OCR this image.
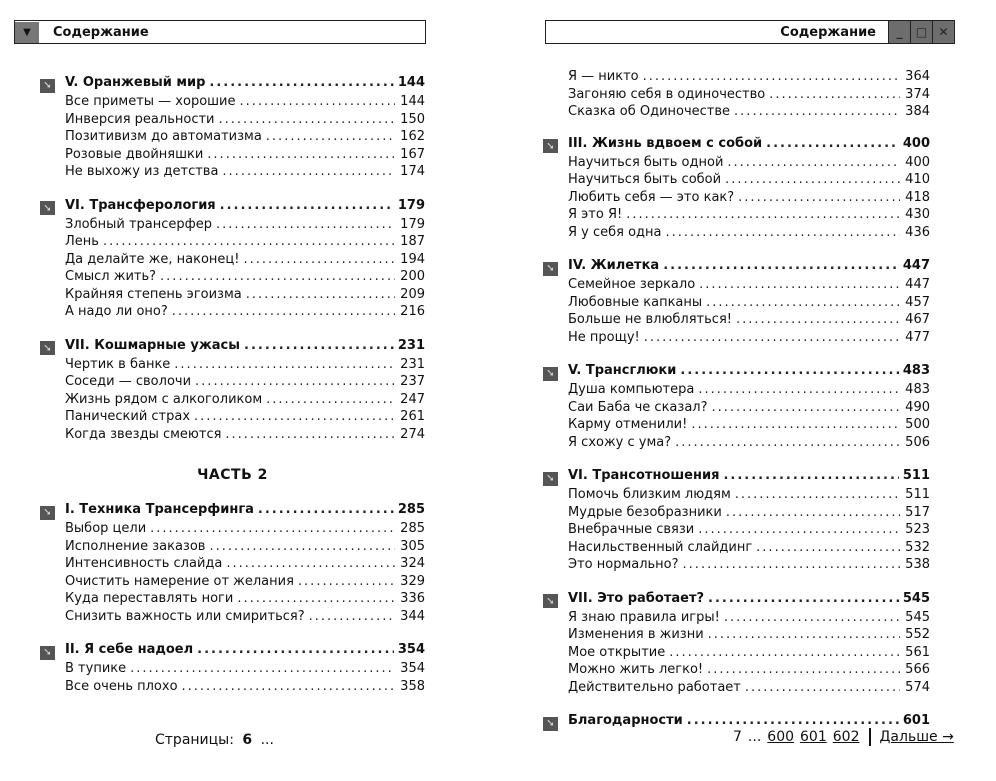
▼	Содержание
➘ V. Оранжевый мир .....	144
Все приметы — хорошие .....	144
Инверсия реальности .....	150
Позитивизм до автоматизма .....	162
Розовые двойняшки .....	167
Не выхожу из детства .....	174
➘ VI. Трансферология .....	179
Злобный трансерфер .....	179
Лень .....	187
Да делайте же, наконец! .....	194
Смысл жить? .....	200
Крайняя степень эгоизма .....	209
А надо ли оно? .....	216
➘ VII. Кошмарные ужасы .....	231
Чертик в банке .....	231
Соседи — сволочи .....	237
Жизнь рядом с алкоголиком .....	247
Панический страх .....	261
Когда звезды смеются .....	274
ЧАСТЬ 2
➘ I. Техника Трансерфинга .....	285
Выбор цели .....	285
Исполнение заказов .....	305
Интенсивность слайда .....	324
Очистить намерение от желания .....	329
Куда переставлять ноги .....	336
Снизить важность или смириться? .....	344
➘ II. Я себе надоел .....	354
В тупике .....	354
Все очень плохо .....	358
Страницы: 6 ...
Содержание	_	□ ✕
Я — никто .....	364
Загоняю себя в одиночество .....	374
Сказка об Одиночестве .....	384
➘ III. Жизнь вдвоем с собой .....	400
Научиться быть одной .....	400
Научиться быть собой .....	410
Любить себя — это как? .....	418
Я это Я! .....	430
Я у себя одна .....	436
➘ IV. Жилетка .....	447
Семейное зеркало .....	447
Любовные капканы .....	457
Больше не влюбляться! .....	467
Не прощу! .....	477
➘ V. Трансглюки .....	483
Душа компьютера .....	483
Саи Баба че сказал? .....	490
Карму отменили! .....	500
Я схожу с ума? .....	506
➘ VI. Трансотношения .....	511
Помочь близким людям .....	511
Мудрые безобразники .....	517
Внебрачные связи .....	523
Насильственный слайдинг .....	532
Это нормально? .....	538
➘ VII. Это работает? .....	545
Я знаю правила игры! .....	545
Изменения в жизни .....	552
Мое открытие .....	561
Можно жить легко! .....	566
Действительно работает .....	574
➘ Благодарности .....	601
7 ... 600 601 602 Дальше →
